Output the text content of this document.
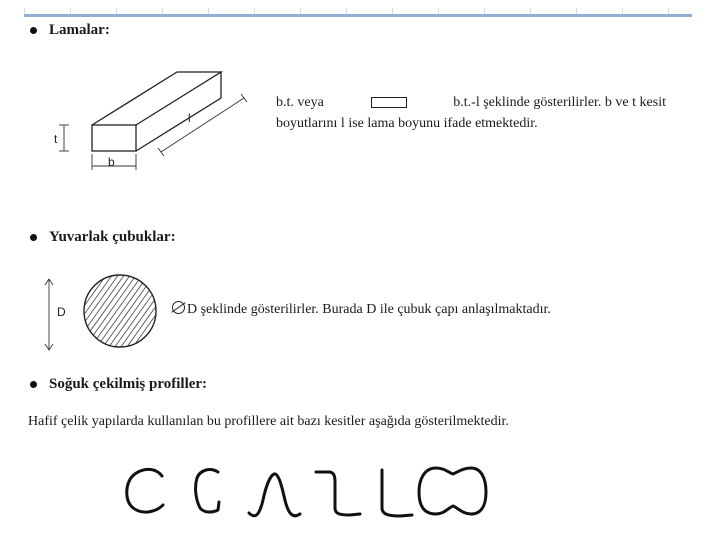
Lamalar:
t
b
l
b.t. veya	b.t.-l şeklinde gösterilirler. b ve t kesit
boyutlarını l ise lama boyunu ifade etmektedir.
Yuvarlak çubuklar:
D	D şeklinde gösterilirler. Burada D ile çubuk çapı anlaşılmaktadır.
Soğuk çekilmiş profiller:
Hafif çelik yapılarda kullanılan bu profillere ait bazı kesitler aşağıda gösterilmektedir.
